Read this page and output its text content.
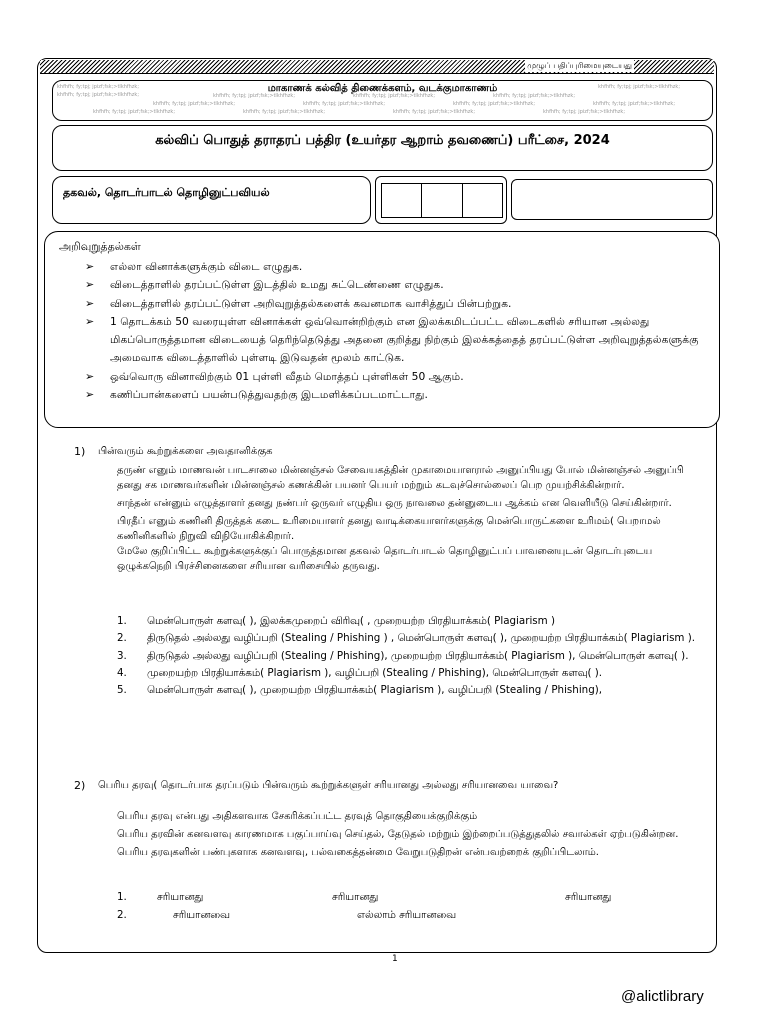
முழுப் பதிப்புரிமையுடையது
khfhfh; fy;tpj; jpizf;fsk;>tlkhfhzk;
khfhfh; fy;tpj; jpizf;fsk;>tlkhfhzk;	khfhfh; fy;tpj; jpizf;fsk;>tlkhfhzk;	khfhfh; fy;tpj; jpizf;fsk;>tlkhfhzk;	khfhfh; fy;tpj; jpizf;fsk;>tlkhfhzk;
khfhfh; fy;tpj; jpizf;fsk;>tlkhfhzk;
khfhfh; fy;tpj; jpizf;fsk;>tlkhfhzk;	khfhfh; fy;tpj; jpizf;fsk;>tlkhfhzk;	khfhfh; fy;tpj; jpizf;fsk;>tlkhfhzk;	khfhfh; fy;tpj; jpizf;fsk;>tlkhfhzk;
khfhfh; fy;tpj; jpizf;fsk;>tlkhfhzk;	khfhfh; fy;tpj; jpizf;fsk;>tlkhfhzk;	khfhfh; fy;tpj; jpizf;fsk;>tlkhfhzk;	khfhfh; fy;tpj; jpizf;fsk;>tlkhfhzk;
மாகாணக் கல்வித் திணைக்களம், வடக்குமாகாணம்
கல்விப் பொதுத் தராதரப் பத்திர (உயர்தர ஆறாம் தவணைப்) பரீட்சை, 2024
தகவல், தொடர்பாடல் தொழினுட்பவியல்
அறிவுறுத்தல்கள்
➢ எல்லா வினாக்களுக்கும் விடை எழுதுக.
➢ விடைத்தாளில் தரப்பட்டுள்ள இடத்தில் உமது சுட்டெண்ணை எழுதுக.
➢ விடைத்தாளில் தரப்பட்டுள்ள அறிவுறுத்தல்களைக் கவனமாக வாசித்துப் பின்பற்றுக.
➢ 1 தொடக்கம் 50 வரையுள்ள வினாக்கள் ஒவ்வொன்றிற்கும் என இலக்கமிடப்பட்ட விடைகளில் சரியான அல்லது மிகப்பொருத்தமான விடையைத் தெரிந்தெடுத்து அதனை குறித்து நிற்கும் இலக்கத்தைத் தரப்பட்டுள்ள அறிவுறுத்தல்களுக்கு அமைவாக விடைத்தாளில் புள்ளடி இடுவதன் மூலம் காட்டுக.
➢ ஒவ்வொரு வினாவிற்கும் 01 புள்ளி வீதம் மொத்தப் புள்ளிகள் 50 ஆகும்.
➢ கணிப்பான்களைப் பயன்படுத்துவதற்கு இடமளிக்கப்படமாட்டாது.
1) பின்வரும் கூற்றுக்களை அவதானிக்குக

தருண் எனும் மாணவன் பாடசாலை மின்னஞ்சல் சேவையகத்தின் முகாமையாளரால் அனுப்பியது போல் மின்னஞ்சல் அனுப்பி தனது சக மாணவர்களின் மின்னஞ்சல் கணக்கின் பயனர் பெயர் மற்றும் கடவுச்சொல்லைப் பெற முயற்சிக்கின்றார்.

சாந்தன் என்னும் எழுத்தாளர் தனது நண்பர் ஒருவர் எழுதிய ஒரு நாவலை தன்னுடைய ஆக்கம் என வெளியீடு செய்கின்றார்.

பிரதீப் எனும் கணினி திருத்தக் கடை உரிமையாளர் தனது வாடிக்கையாளர்களுக்கு மென்பொருட்களை உரிமம்( பெறாமல் கணினிகளில் நிறுவி விநியோகிக்கிறார்.

மேலே குறிப்பிட்ட கூற்றுக்களுக்குப் பொருத்தமான தகவல் தொடர்பாடல் தொழினுட்பப் பாவனையுடன் தொடர்புடைய ஒழுக்கநெறி பிரச்சினைகளை சரியான வரிசையில் தருவது.

1. மென்பொருள் களவு( ), இலக்கமுறைப் விரிவு( , முறையற்ற பிரதியாக்கம்( Plagiarism )
2. திருடுதல் அல்லது வழிப்பறி (Stealing / Phishing ) , மென்பொருள் களவு( ), முறையற்ற பிரதியாக்கம்( Plagiarism ).
3. திருடுதல் அல்லது வழிப்பறி (Stealing / Phishing), முறையற்ற பிரதியாக்கம்( Plagiarism ), மென்பொருள் களவு( ).
4. முறையற்ற பிரதியாக்கம்( Plagiarism ), வழிப்பறி (Stealing / Phishing), மென்பொருள் களவு( ).
5. மென்பொருள் களவு( ), முறையற்ற பிரதியாக்கம்( Plagiarism ), வழிப்பறி (Stealing / Phishing),
2) பெரிய தரவு( தொடர்பாக தரப்படும் பின்வரும் கூற்றுக்களுள் சரியானது அல்லது சரியானவை யாவை?

பெரிய தரவு என்பது அதிகளவாக சேகரிக்கப்பட்ட தரவுத் தொகுதியைக்குறிக்கும்

பெரிய தரவின் கனவளவு காரணமாக பகுப்பாய்வு செய்தல், தேடுதல் மற்றும் இற்றைப்படுத்துதலில் சவால்கள் ஏற்படுகின்றன.

பெரிய தரவுகளின் பண்புகளாக கனவளவு, பல்வகைத்தன்மை வேறுபடுதிறன் என்பவற்றைக் குறிப்பிடலாம்.

1.	சரியானது	சரியானது	சரியானது
2.	சரியானவை	எல்லாம் சரியானவை
1
@alictlibrary
